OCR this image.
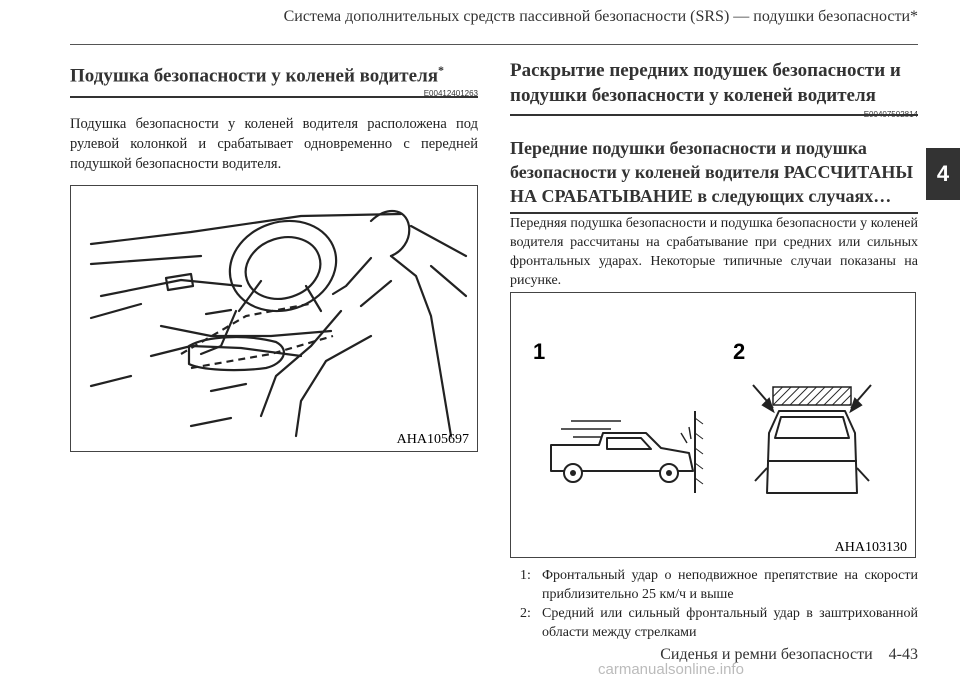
Система дополнительных средств пассивной безопасности (SRS) — подушки безопасности*
Подушка безопасности у коленей водителя*
E00412401263
Подушка безопасности у коленей водителя расположена под рулевой колонкой и срабатывает одновременно с передней подушкой безопасности водителя.
AHA105697
Раскрытие передних подушек безопасности и подушки безопасности у коленей водителя
E00407502814
Передние подушки безопасности и подушка безопасности у коленей водителя РАССЧИТАНЫ НА СРАБАТЫВАНИЕ в следующих случаях…
Передняя подушка безопасности и подушка безопасности у коленей водителя рассчитаны на срабатывание при средних или сильных фронтальных ударах. Некоторые типичные случаи показаны на рисунке.
1	2
AHA103130
1: Фронтальный удар о неподвижное препятствие на скорости приблизительно 25 км/ч и выше
2: Средний или сильный фронтальный удар в заштрихованной области между стрелками
4
Сиденья и ремни безопасности 4-43
carmanualsonline.info
